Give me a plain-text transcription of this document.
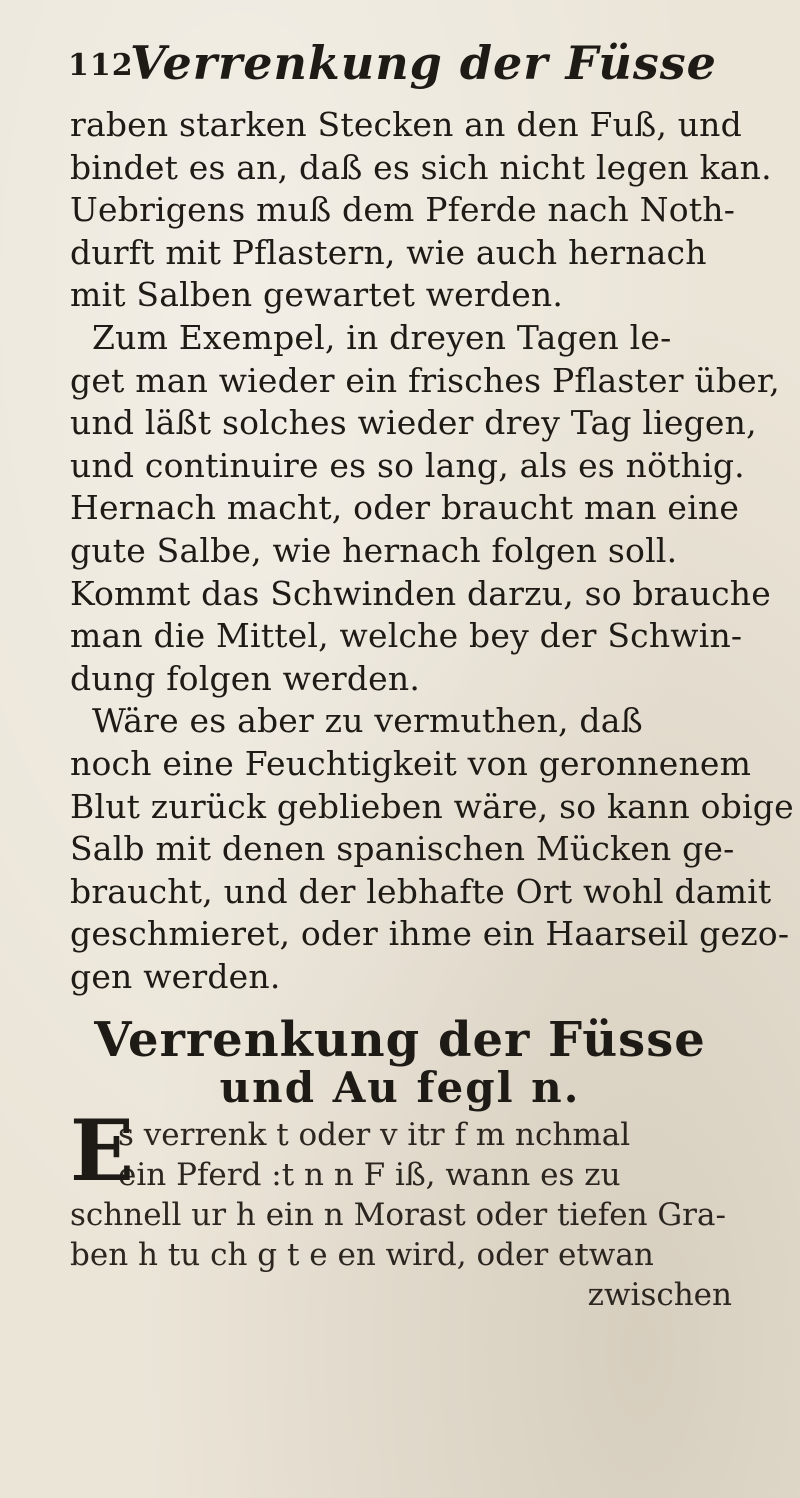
112
Verrenkung der Füsse
raben starken Stecken an den Fuß, und
bindet es an, daß es sich nicht legen kan.
Uebrigens muß dem Pferde nach Noth-
durft mit Pflastern, wie auch hernach
mit Salben gewartet werden.
Zum Exempel, in dreyen Tagen le-
get man wieder ein frisches Pflaster über,
und läßt solches wieder drey Tag liegen,
und continuire es so lang, als es nöthig.
Hernach macht, oder braucht man eine
gute Salbe, wie hernach folgen soll.
Kommt das Schwinden darzu, so brauche
man die Mittel, welche bey der Schwin-
dung folgen werden.
Wäre es aber zu vermuthen, daß
noch eine Feuchtigkeit von geronnenem
Blut zurück geblieben wäre, so kann obige
Salb mit denen spanischen Mücken ge-
braucht, und der lebhafte Ort wohl damit
geschmieret, oder ihme ein Haarseil gezo-
gen werden.
Verrenkung der Füsse
und Au fegl n.
E
s verrenk t oder v itr f m nchmal
ein Pferd :t n n F iß, wann es zu
schnell ur h ein n Morast oder tiefen Gra-
ben h tu ch g t e en wird, oder etwan
zwischen
